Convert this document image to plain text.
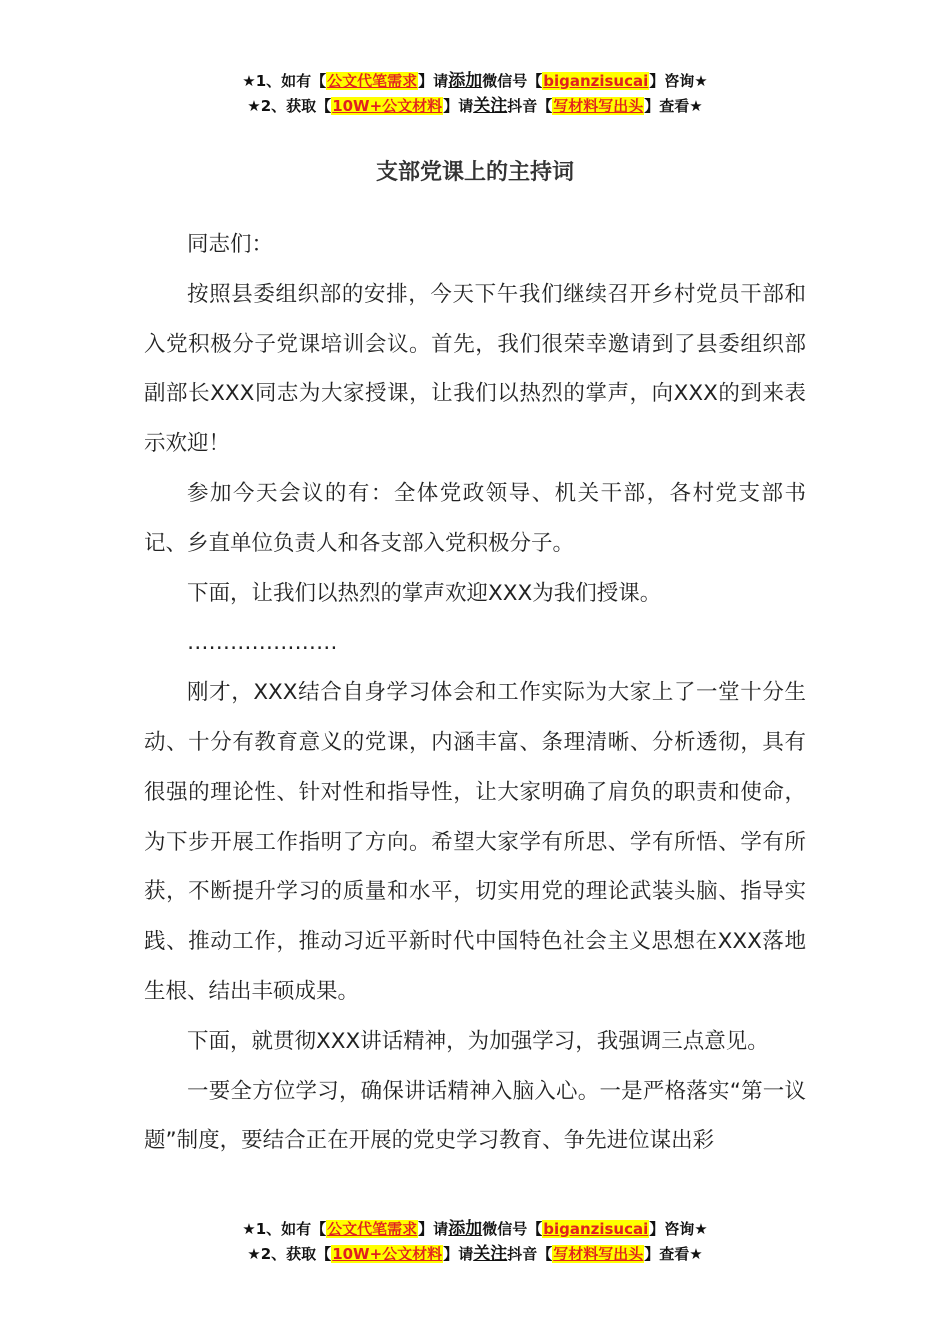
★1、如有【公文代笔需求】请添加微信号【biganzisucai】咨询★
★2、获取【10W+公文材料】请关注抖音【写材料写出头】查看★
支部党课上的主持词

同志们：

按照县委组织部的安排，今天下午我们继续召开乡村党员干部和入党积极分子党课培训会议。首先，我们很荣幸邀请到了县委组织部副部长XXX同志为大家授课，让我们以热烈的掌声，向XXX的到来表示欢迎！

参加今天会议的有：全体党政领导、机关干部，各村党支部书记、乡直单位负责人和各支部入党积极分子。

下面，让我们以热烈的掌声欢迎XXX为我们授课。

…………………

刚才，XXX结合自身学习体会和工作实际为大家上了一堂十分生动、十分有教育意义的党课，内涵丰富、条理清晰、分析透彻，具有很强的理论性、针对性和指导性，让大家明确了肩负的职责和使命，为下步开展工作指明了方向。希望大家学有所思、学有所悟、学有所获，不断提升学习的质量和水平，切实用党的理论武装头脑、指导实践、推动工作，推动习近平新时代中国特色社会主义思想在XXX落地生根、结出丰硕成果。

下面，就贯彻XXX讲话精神，为加强学习，我强调三点意见。

一要全方位学习，确保讲话精神入脑入心。一是严格落实“第一议题”制度，要结合正在开展的党史学习教育、争先进位谋出彩

★1、如有【公文代笔需求】请添加微信号【biganzisucai】咨询★
★2、获取【10W+公文材料】请关注抖音【写材料写出头】查看★
